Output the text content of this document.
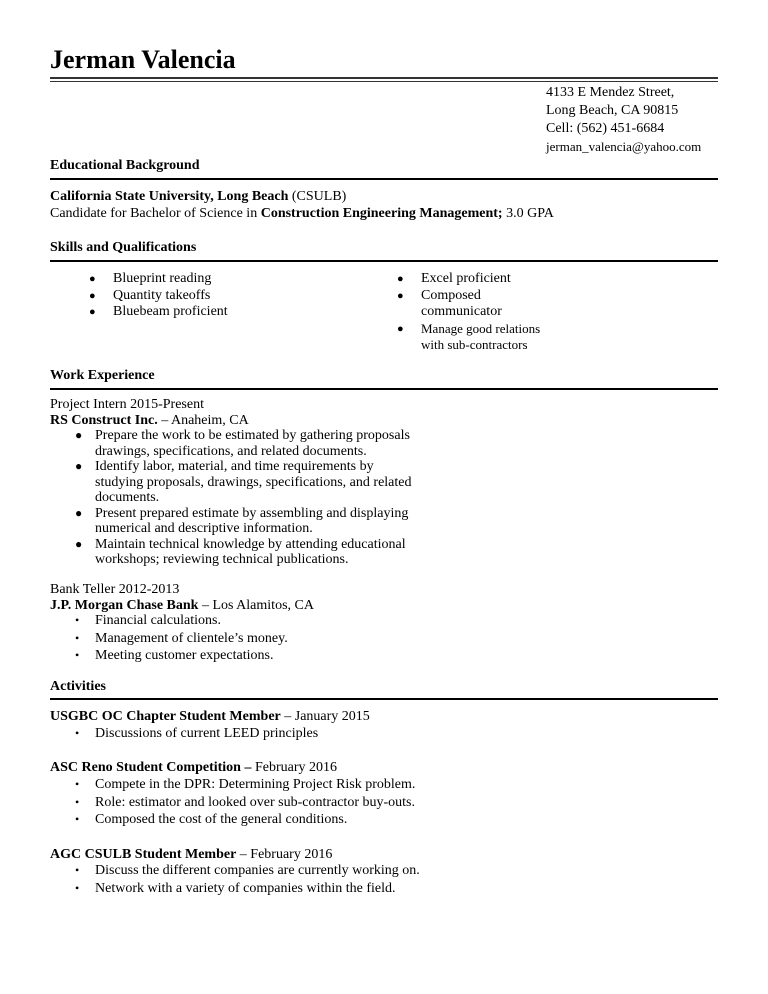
Jerman Valencia
4133 E Mendez Street,
Long Beach, CA 90815
Cell: (562) 451-6684
jerman_valencia@yahoo.com
Educational Background
California State University, Long Beach (CSULB)
Candidate for Bachelor of Science in Construction Engineering Management; 3.0 GPA
Skills and Qualifications
● Blueprint reading
● Quantity takeoffs
● Bluebeam proficient
● Excel proficient
● Composed
communicator
● Manage good relations
with sub-contractors
Work Experience
Project Intern 2015-Present
RS Construct Inc. – Anaheim, CA
● Prepare the work to be estimated by gathering proposals
drawings, specifications, and related documents.
● Identify labor, material, and time requirements by
studying proposals, drawings, specifications, and related
documents.
● Present prepared estimate by assembling and displaying
numerical and descriptive information.
● Maintain technical knowledge by attending educational
workshops; reviewing technical publications.
Bank Teller 2012-2013
J.P. Morgan Chase Bank – Los Alamitos, CA
• Financial calculations.
• Management of clientele’s money.
• Meeting customer expectations.
Activities
USGBC OC Chapter Student Member – January 2015
• Discussions of current LEED principles
ASC Reno Student Competition – February 2016
• Compete in the DPR: Determining Project Risk problem.
• Role: estimator and looked over sub-contractor buy-outs.
• Composed the cost of the general conditions.
AGC CSULB Student Member – February 2016
• Discuss the different companies are currently working on.
• Network with a variety of companies within the field.
